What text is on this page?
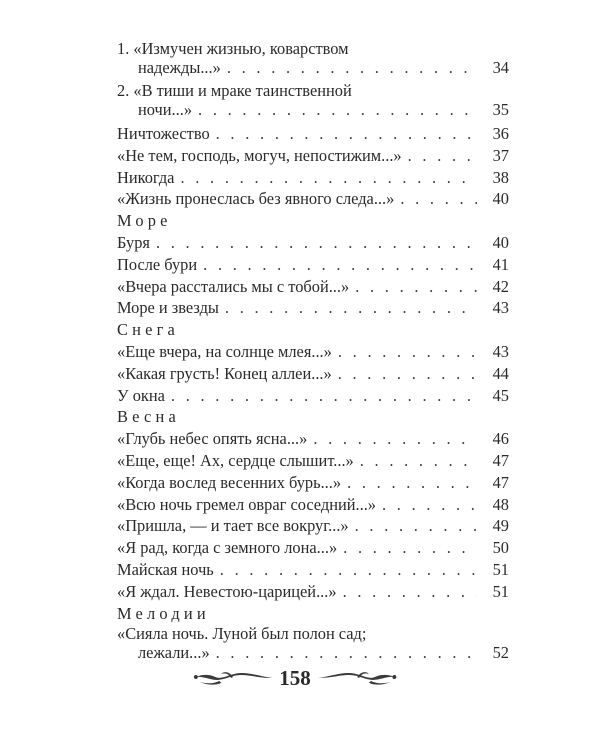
1. «Измучен жизнью, коварством
надежды...» . . .	34
2. «В тиши и мраке таинственной
ночи...» . . .	35
Ничтожество . . .	36
«Не тем, господь, могуч, непостижим...» . . .	37
Никогда . . .	38
«Жизнь пронеслась без явного следа...» . . .	40
Море
Буря . . .	40
После бури . . .	41
«Вчера расстались мы с тобой...» . . .	42
Море и звезды . . .	43
Снега
«Еще вчера, на солнце млея...» . . .	43
«Какая грусть! Конец аллеи...» . . .	44
У окна . . .	45
Весна
«Глубь небес опять ясна...» . . .	46
«Еще, еще! Ах, сердце слышит...» . . .	47
«Когда вослед весенних бурь...» . . .	47
«Всю ночь гремел овраг соседний...» . . .	48
«Пришла, — и тает все вокруг...» . . .	49
«Я рад, когда с земного лона...» . . .	50
Майская ночь . . .	51
«Я ждал. Невестою-царицей...» . . .	51
Мелодии
«Сияла ночь. Луной был полон сад;
лежали...» . . .	52
158
